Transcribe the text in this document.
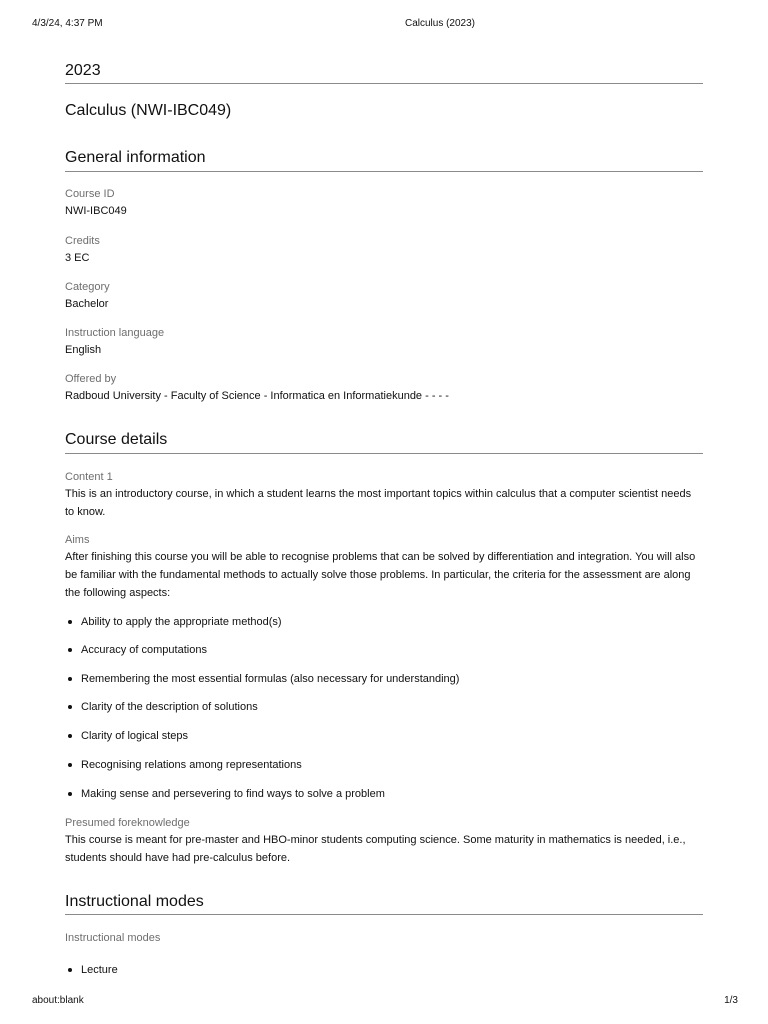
4/3/24, 4:37 PM	Calculus (2023)
2023
Calculus (NWI-IBC049)
General information
Course ID
NWI-IBC049
Credits
3 EC
Category
Bachelor
Instruction language
English
Offered by
Radboud University - Faculty of Science - Informatica en Informatiekunde - - - -
Course details
Content 1
This is an introductory course, in which a student learns the most important topics within calculus that a computer scientist needs to know.
Aims
After finishing this course you will be able to recognise problems that can be solved by differentiation and integration. You will also be familiar with the fundamental methods to actually solve those problems. In particular, the criteria for the assessment are along the following aspects:
Ability to apply the appropriate method(s)
Accuracy of computations
Remembering the most essential formulas (also necessary for understanding)
Clarity of the description of solutions
Clarity of logical steps
Recognising relations among representations
Making sense and persevering to find ways to solve a problem
Presumed foreknowledge
This course is meant for pre-master and HBO-minor students computing science. Some maturity in mathematics is needed, i.e., students should have had pre-calculus before.
Instructional modes
Instructional modes
Lecture
about:blank	1/3
